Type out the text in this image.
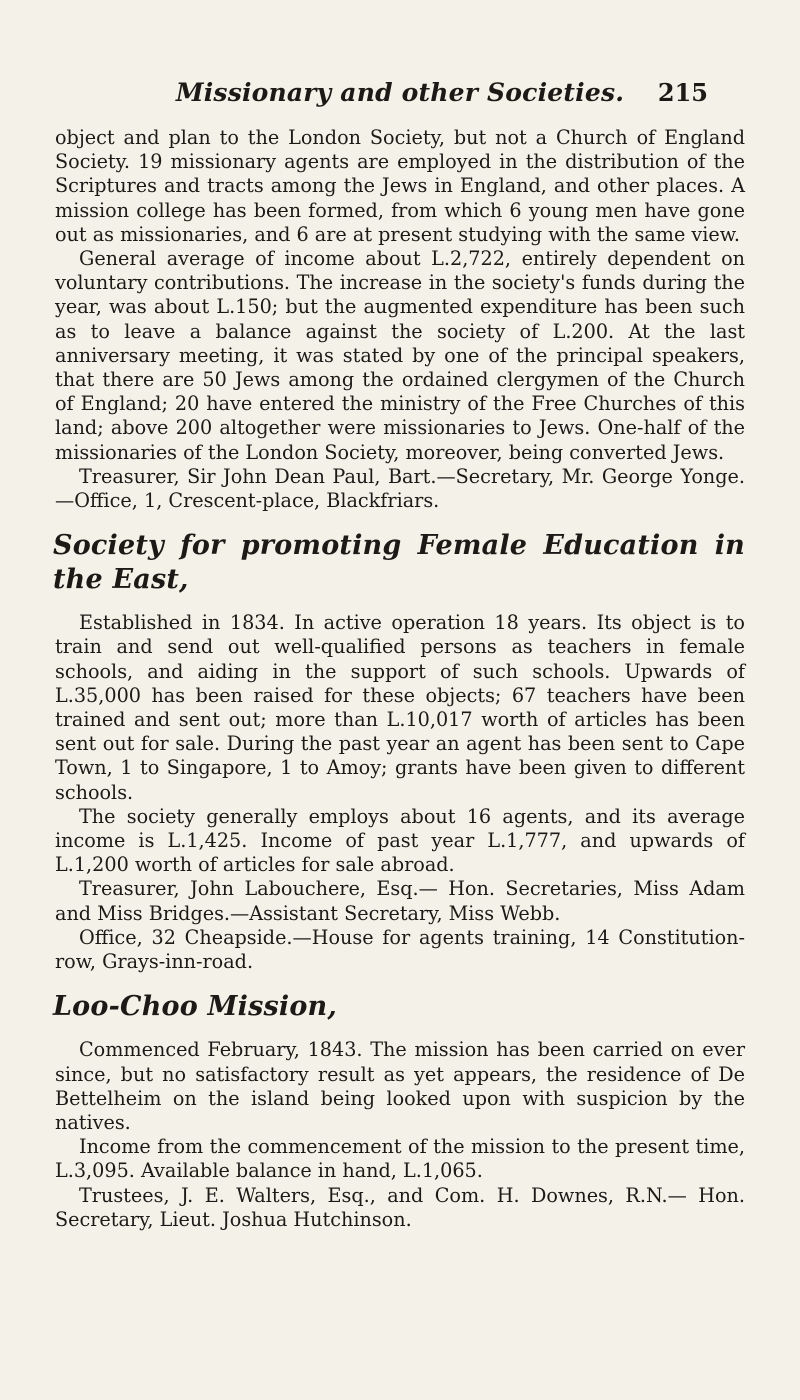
Missionary and other Societies.	215

object and plan to the London Society, but not a Church of England Society. 19 missionary agents are employed in the distribution of the Scriptures and tracts among the Jews in England, and other places. A mission college has been formed, from which 6 young men have gone out as missionaries, and 6 are at present studying with the same view.

General average of income about L.2,722, entirely dependent on voluntary contributions. The increase in the society's funds during the year, was about L.150; but the augmented expenditure has been such as to leave a balance against the society of L.200. At the last anniversary meeting, it was stated by one of the principal speakers, that there are 50 Jews among the ordained clergymen of the Church of England; 20 have entered the ministry of the Free Churches of this land; above 200 altogether were missionaries to Jews. One-half of the missionaries of the London Society, moreover, being converted Jews.

Treasurer, Sir John Dean Paul, Bart.—Secretary, Mr. George Yonge.—Office, 1, Crescent-place, Blackfriars.

Society for promoting Female Education in the East,

Established in 1834. In active operation 18 years. Its object is to train and send out well-qualified persons as teachers in female schools, and aiding in the support of such schools. Upwards of L.35,000 has been raised for these objects; 67 teachers have been trained and sent out; more than L.10,017 worth of articles has been sent out for sale. During the past year an agent has been sent to Cape Town, 1 to Singapore, 1 to Amoy; grants have been given to different schools.

The society generally employs about 16 agents, and its average income is L.1,425. Income of past year L.1,777, and upwards of L.1,200 worth of articles for sale abroad.

Treasurer, John Labouchere, Esq.— Hon. Secretaries, Miss Adam and Miss Bridges.—Assistant Secretary, Miss Webb.

Office, 32 Cheapside.—House for agents training, 14 Constitution-row, Grays-inn-road.

Loo-Choo Mission,

Commenced February, 1843. The mission has been carried on ever since, but no satisfactory result as yet appears, the residence of De Bettelheim on the island being looked upon with suspicion by the natives.

Income from the commencement of the mission to the present time, L.3,095. Available balance in hand, L.1,065.

Trustees, J. E. Walters, Esq., and Com. H. Downes, R.N.— Hon. Secretary, Lieut. Joshua Hutchinson.
